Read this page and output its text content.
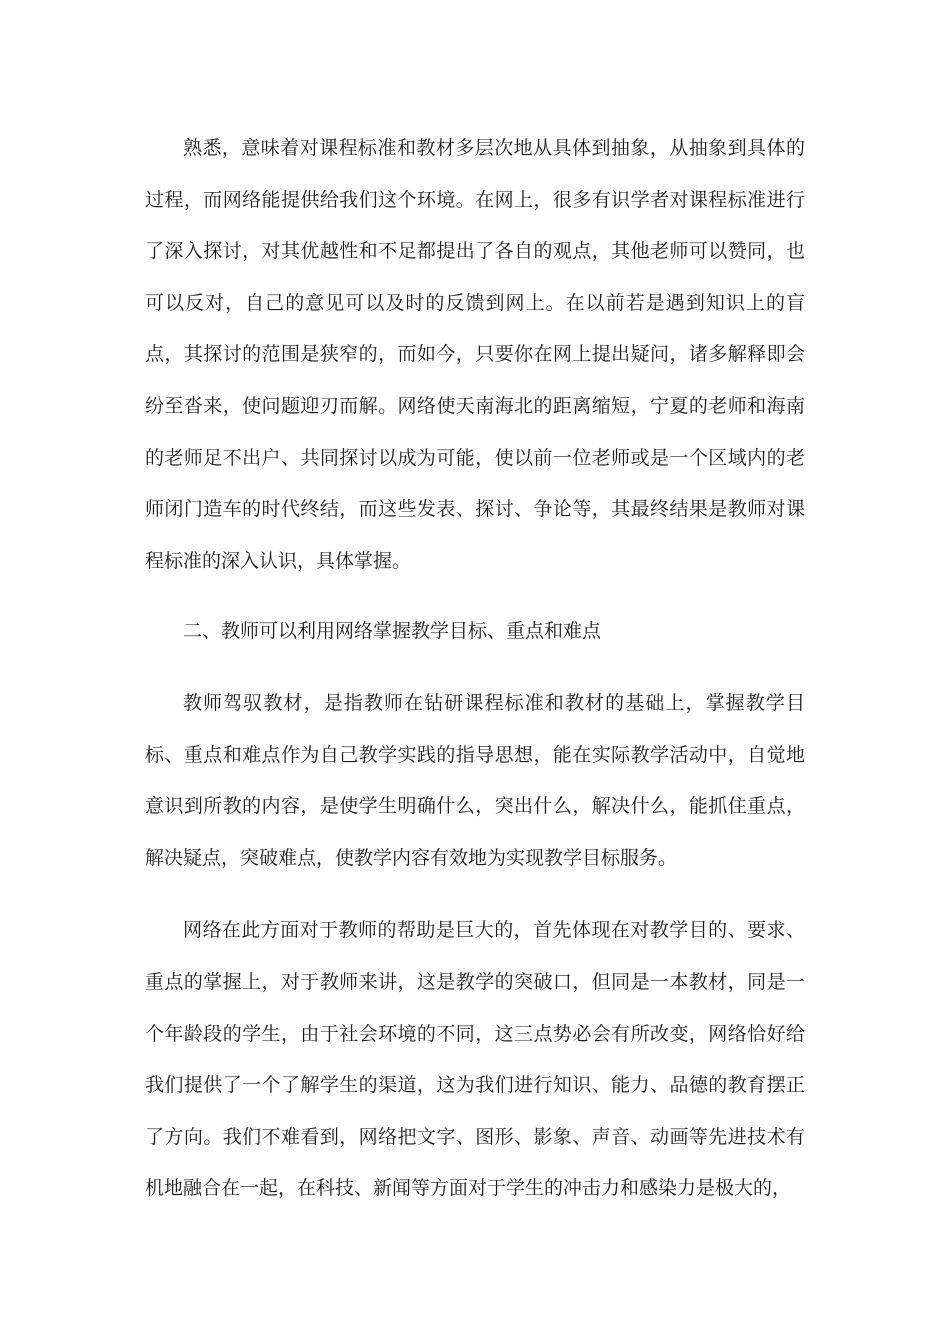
熟悉，意味着对课程标准和教材多层次地从具体到抽象，从抽象到具体的过程，而网络能提供给我们这个环境。在网上，很多有识学者对课程标准进行了深入探讨，对其优越性和不足都提出了各自的观点，其他老师可以赞同，也可以反对，自己的意见可以及时的反馈到网上。在以前若是遇到知识上的盲点，其探讨的范围是狭窄的，而如今，只要你在网上提出疑问，诸多解释即会纷至沓来，使问题迎刃而解。网络使天南海北的距离缩短，宁夏的老师和海南的老师足不出户、共同探讨以成为可能，使以前一位老师或是一个区域内的老师闭门造车的时代终结，而这些发表、探讨、争论等，其最终结果是教师对课程标准的深入认识，具体掌握。

二、教师可以利用网络掌握教学目标、重点和难点

教师驾驭教材，是指教师在钻研课程标准和教材的基础上，掌握教学目标、重点和难点作为自己教学实践的指导思想，能在实际教学活动中，自觉地意识到所教的内容，是使学生明确什么，突出什么，解决什么，能抓住重点，解决疑点，突破难点，使教学内容有效地为实现教学目标服务。

网络在此方面对于教师的帮助是巨大的，首先体现在对教学目的、要求、重点的掌握上，对于教师来讲，这是教学的突破口，但同是一本教材，同是一个年龄段的学生，由于社会环境的不同，这三点势必会有所改变，网络恰好给我们提供了一个了解学生的渠道，这为我们进行知识、能力、品德的教育摆正了方向。我们不难看到，网络把文字、图形、影象、声音、动画等先进技术有机地融合在一起，在科技、新闻等方面对于学生的冲击力和感染力是极大的，
